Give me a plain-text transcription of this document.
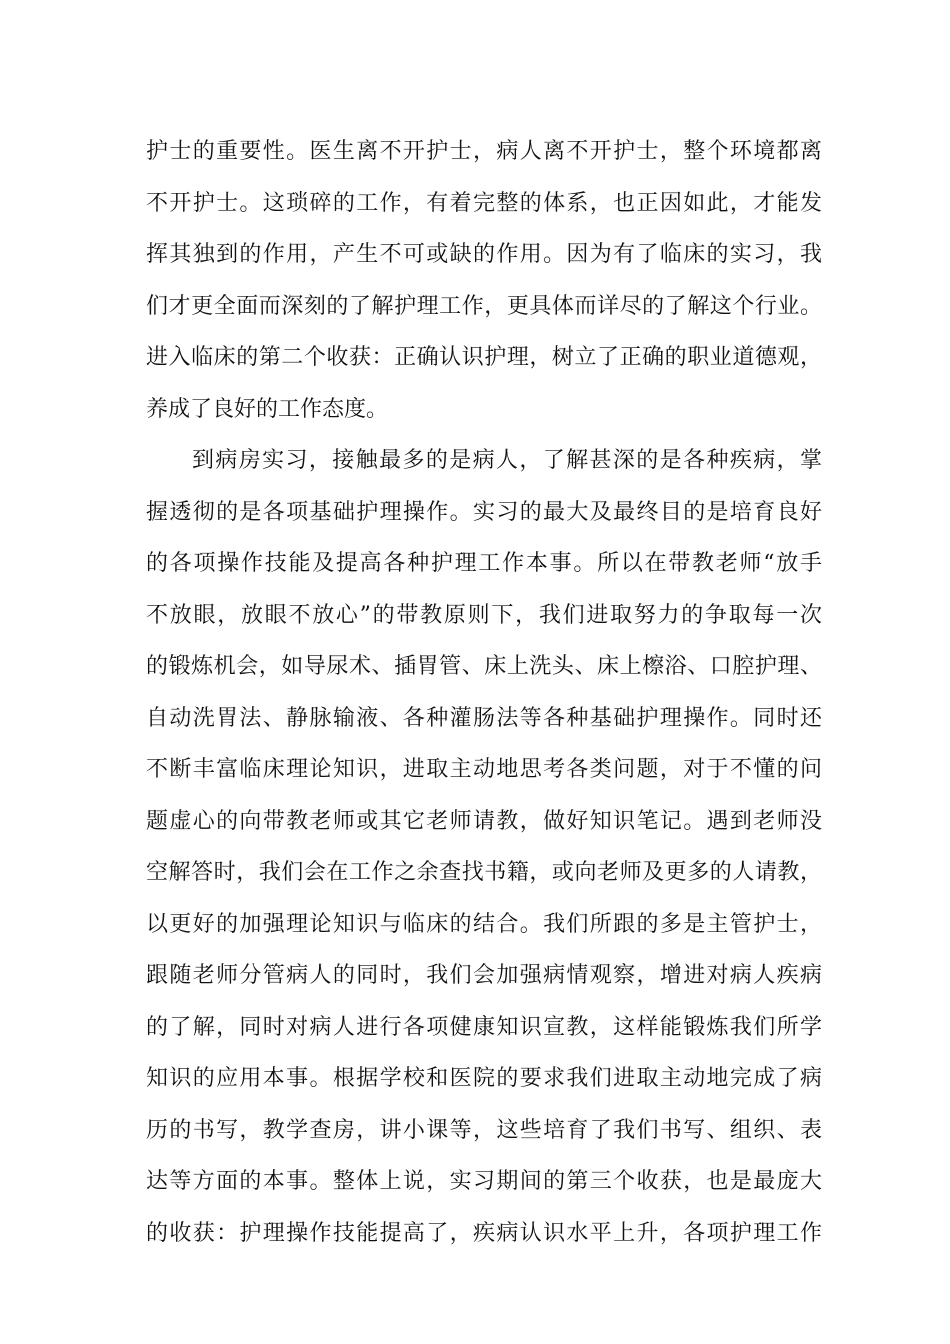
护士的重要性。医生离不开护士，病人离不开护士，整个环境都离
不开护士。这琐碎的工作，有着完整的体系，也正因如此，才能发
挥其独到的作用，产生不可或缺的作用。因为有了临床的实习，我
们才更全面而深刻的了解护理工作，更具体而详尽的了解这个行业。
进入临床的第二个收获：正确认识护理，树立了正确的职业道德观，
养成了良好的工作态度。
到病房实习，接触最多的是病人，了解甚深的是各种疾病，掌
握透彻的是各项基础护理操作。实习的最大及最终目的是培育良好
的各项操作技能及提高各种护理工作本事。所以在带教老师“放手
不放眼，放眼不放心”的带教原则下，我们进取努力的争取每一次
的锻炼机会，如导尿术、插胃管、床上洗头、床上檫浴、口腔护理、
自动洗胃法、静脉输液、各种灌肠法等各种基础护理操作。同时还
不断丰富临床理论知识，进取主动地思考各类问题，对于不懂的问
题虚心的向带教老师或其它老师请教，做好知识笔记。遇到老师没
空解答时，我们会在工作之余查找书籍，或向老师及更多的人请教，
以更好的加强理论知识与临床的结合。我们所跟的多是主管护士，
跟随老师分管病人的同时，我们会加强病情观察，增进对病人疾病
的了解，同时对病人进行各项健康知识宣教，这样能锻炼我们所学
知识的应用本事。根据学校和医院的要求我们进取主动地完成了病
历的书写，教学查房，讲小课等，这些培育了我们书写、组织、表
达等方面的本事。整体上说，实习期间的第三个收获，也是最庞大
的收获：护理操作技能提高了，疾病认识水平上升，各项护理工作
